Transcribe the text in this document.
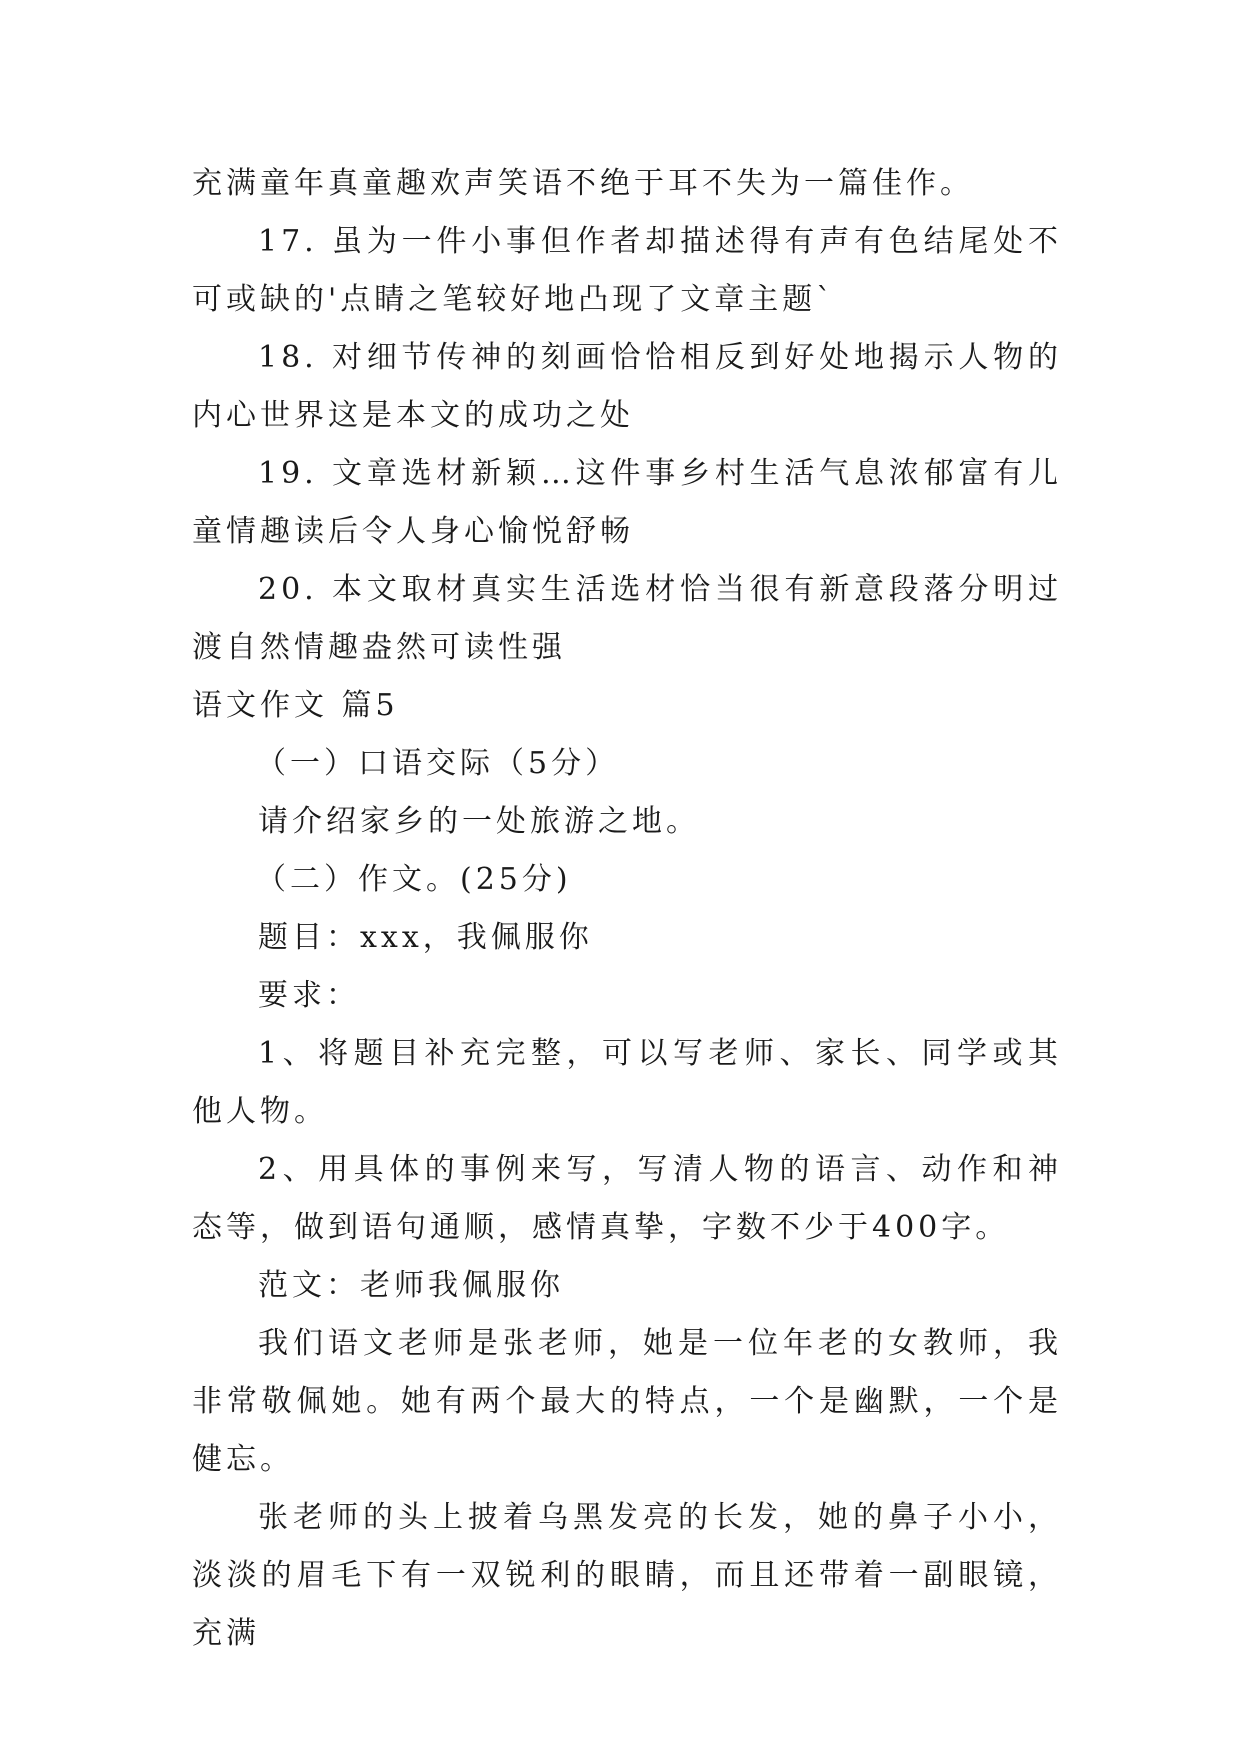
充满童年真童趣欢声笑语不绝于耳不失为一篇佳作。

17. 虽为一件小事但作者却描述得有声有色结尾处不可或缺的'点睛之笔较好地凸现了文章主题`

18. 对细节传神的刻画恰恰相反到好处地揭示人物的内心世界这是本文的成功之处

19. 文章选材新颖…这件事乡村生活气息浓郁富有儿童情趣读后令人身心愉悦舒畅

20. 本文取材真实生活选材恰当很有新意段落分明过渡自然情趣盎然可读性强

语文作文 篇5

（一）口语交际（5分）

请介绍家乡的一处旅游之地。

（二）作文。(25分)

题目：xxx，我佩服你

要求：

1、将题目补充完整，可以写老师、家长、同学或其他人物。

2、用具体的事例来写，写清人物的语言、动作和神态等，做到语句通顺，感情真挚，字数不少于400字。

范文：老师我佩服你

我们语文老师是张老师，她是一位年老的女教师，我非常敬佩她。她有两个最大的特点，一个是幽默，一个是健忘。

张老师的头上披着乌黑发亮的长发，她的鼻子小小，淡淡的眉毛下有一双锐利的眼睛，而且还带着一副眼镜，充满
